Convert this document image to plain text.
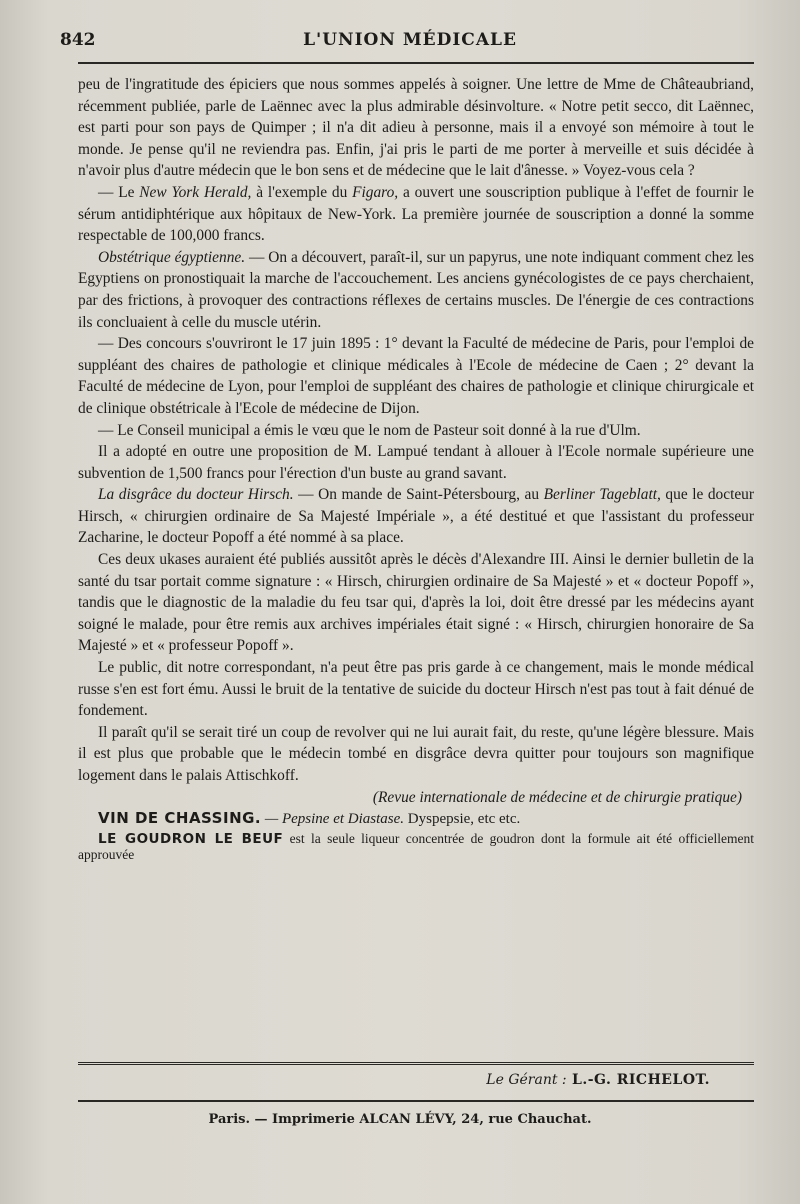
842	L'UNION MÉDICALE

peu de l'ingratitude des épiciers que nous sommes appelés à soigner. Une lettre de Mme de Châteaubriand, récemment publiée, parle de Laënnec avec la plus admirable désinvolture. « Notre petit secco, dit Laënnec, est parti pour son pays de Quimper ; il n'a dit adieu à personne, mais il a envoyé son mémoire à tout le monde. Je pense qu'il ne reviendra pas. Enfin, j'ai pris le parti de me porter à merveille et suis décidée à n'avoir plus d'autre médecin que le bon sens et de médecine que le lait d'ânesse. » Voyez-vous cela ?

— Le New York Herald, à l'exemple du Figaro, a ouvert une souscription publique à l'effet de fournir le sérum antidiphtérique aux hôpitaux de New-York. La première journée de souscription a donné la somme respectable de 100,000 francs.

Obstétrique égyptienne. — On a découvert, paraît-il, sur un papyrus, une note indiquant comment chez les Egyptiens on pronostiquait la marche de l'accouchement. Les anciens gynécologistes de ce pays cherchaient, par des frictions, à provoquer des contractions réflexes de certains muscles. De l'énergie de ces contractions ils concluaient à celle du muscle utérin.

— Des concours s'ouvriront le 17 juin 1895 : 1° devant la Faculté de médecine de Paris, pour l'emploi de suppléant des chaires de pathologie et clinique médicales à l'Ecole de médecine de Caen ; 2° devant la Faculté de médecine de Lyon, pour l'emploi de suppléant des chaires de pathologie et clinique chirurgicale et de clinique obstétricale à l'Ecole de médecine de Dijon.

— Le Conseil municipal a émis le vœu que le nom de Pasteur soit donné à la rue d'Ulm.

Il a adopté en outre une proposition de M. Lampué tendant à allouer à l'Ecole normale supérieure une subvention de 1,500 francs pour l'érection d'un buste au grand savant.

La disgrâce du docteur Hirsch. — On mande de Saint-Pétersbourg, au Berliner Tageblatt, que le docteur Hirsch, « chirurgien ordinaire de Sa Majesté Impériale », a été destitué et que l'assistant du professeur Zacharine, le docteur Popoff a été nommé à sa place.

Ces deux ukases auraient été publiés aussitôt après le décès d'Alexandre III. Ainsi le dernier bulletin de la santé du tsar portait comme signature : « Hirsch, chirurgien ordinaire de Sa Majesté » et « docteur Popoff », tandis que le diagnostic de la maladie du feu tsar qui, d'après la loi, doit être dressé par les médecins ayant soigné le malade, pour être remis aux archives impériales était signé : « Hirsch, chirurgien honoraire de Sa Majesté » et « professeur Popoff ».

Le public, dit notre correspondant, n'a peut être pas pris garde à ce changement, mais le monde médical russe s'en est fort ému. Aussi le bruit de la tentative de suicide du docteur Hirsch n'est pas tout à fait dénué de fondement.

Il paraît qu'il se serait tiré un coup de revolver qui ne lui aurait fait, du reste, qu'une légère blessure. Mais il est plus que probable que le médecin tombé en disgrâce devra quitter pour toujours son magnifique logement dans le palais Attischkoff.

(Revue internationale de médecine et de chirurgie pratique)

VIN DE CHASSING. — Pepsine et Diastase. Dyspepsie, etc etc.

LE GOUDRON LE BEUF est la seule liqueur concentrée de goudron dont la formule ait été officiellement approuvée

Le Gérant : L.-G. RICHELOT.
Paris. — Imprimerie ALCAN LÉVY, 24, rue Chauchat.
